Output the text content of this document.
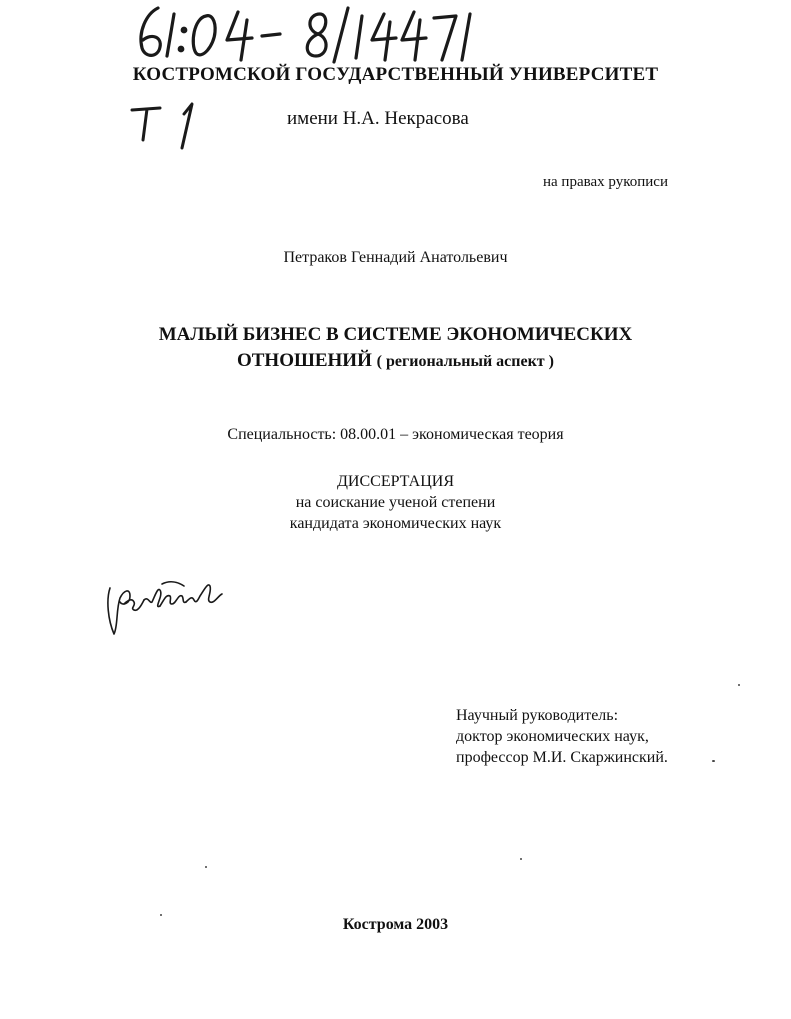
КОСТРОМСКОЙ ГОСУДАРСТВЕННЫЙ УНИВЕРСИТЕТ
имени Н.А. Некрасова
на правах рукописи
Петраков Геннадий Анатольевич
МАЛЫЙ БИЗНЕС В СИСТЕМЕ ЭКОНОМИЧЕСКИХ
ОТНОШЕНИЙ ( региональный аспект )
Специальность: 08.00.01 – экономическая теория
ДИССЕРТАЦИЯ
на соискание ученой степени
кандидата экономических наук
Научный руководитель:
доктор экономических наук,
профессор М.И. Скаржинский.
Кострома 2003
